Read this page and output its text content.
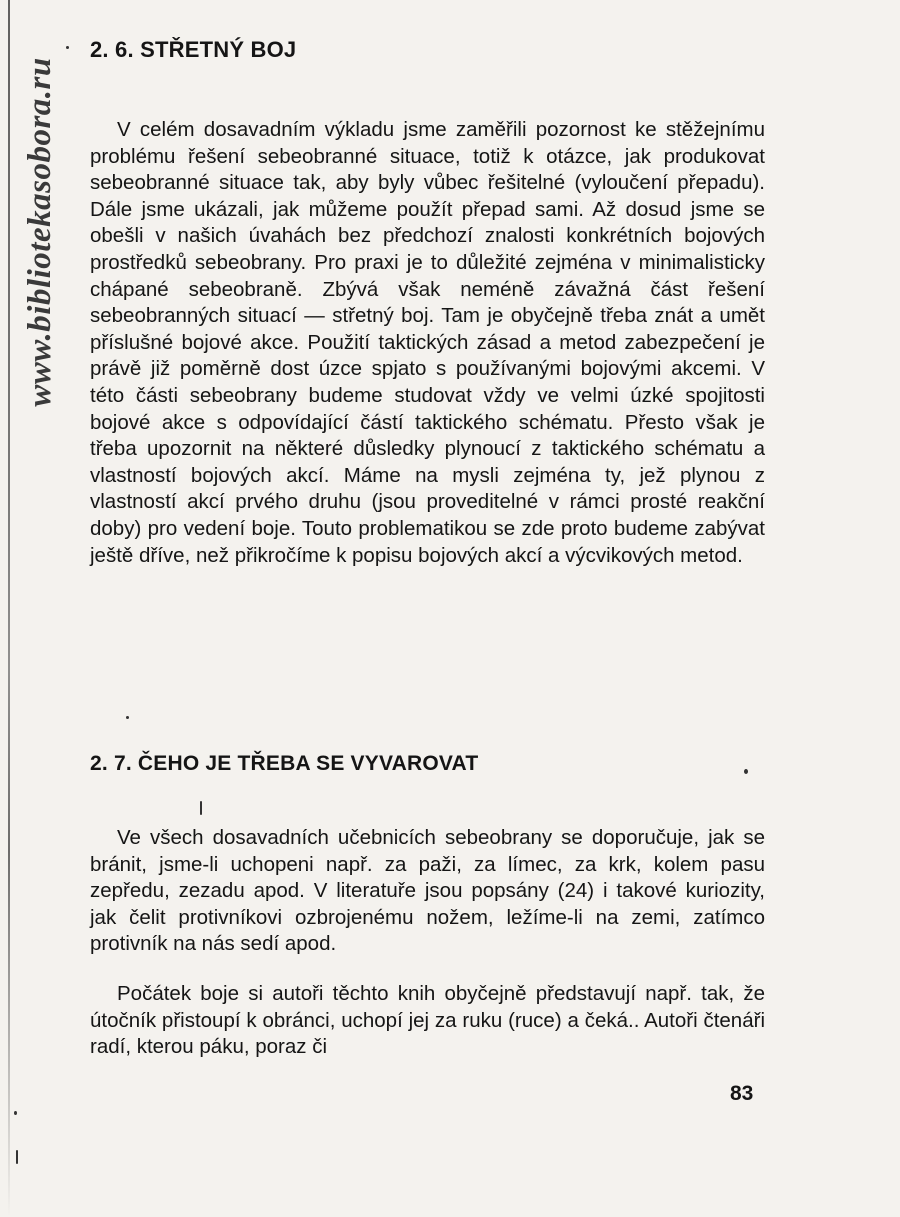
www.bibliotekasobora.ru
2. 6. STŘETNÝ BOJ

V celém dosavadním výkladu jsme zaměřili pozornost ke stěžejnímu problému řešení sebeobranné situace, totiž k otázce, jak produkovat sebeobranné situace tak, aby byly vůbec řešitelné (vyloučení přepadu). Dále jsme ukázali, jak můžeme použít přepad sami. Až dosud jsme se obešli v našich úvahách bez předchozí znalosti konkrétních bojových prostředků sebeobrany. Pro praxi je to důležité zejména v minimalisticky chápané sebeobraně. Zbývá však neméně závažná část řešení sebeobranných situací — střetný boj. Tam je obyčejně třeba znát a umět příslušné bojové akce. Použití taktických zásad a metod zabezpečení je právě již poměrně dost úzce spjato s používanými bojovými akcemi. V této části sebeobrany budeme studovat vždy ve velmi úzké spojitosti bojové akce s odpovídající částí taktického schématu. Přesto však je třeba upozornit na některé důsledky plynoucí z taktického schématu a vlastností bojových akcí. Máme na mysli zejména ty, jež plynou z vlastností akcí prvého druhu (jsou proveditelné v rámci prosté reakční doby) pro vedení boje. Touto problematikou se zde proto budeme zabývat ještě dříve, než přikročíme k popisu bojových akcí a výcvikových metod.

2. 7. ČEHO JE TŘEBA SE VYVAROVAT

Ve všech dosavadních učebnicích sebeobrany se doporučuje, jak se bránit, jsme-li uchopeni např. za paži, za límec, za krk, kolem pasu zepředu, zezadu apod. V literatuře jsou popsány (24) i takové kuriozity, jak čelit protivníkovi ozbrojenému nožem, ležíme-li na zemi, zatímco protivník na nás sedí apod.

Počátek boje si autoři těchto knih obyčejně představují např. tak, že útočník přistoupí k obránci, uchopí jej za ruku (ruce) a čeká.. Autoři čtenáři radí, kterou páku, poraz či

83
